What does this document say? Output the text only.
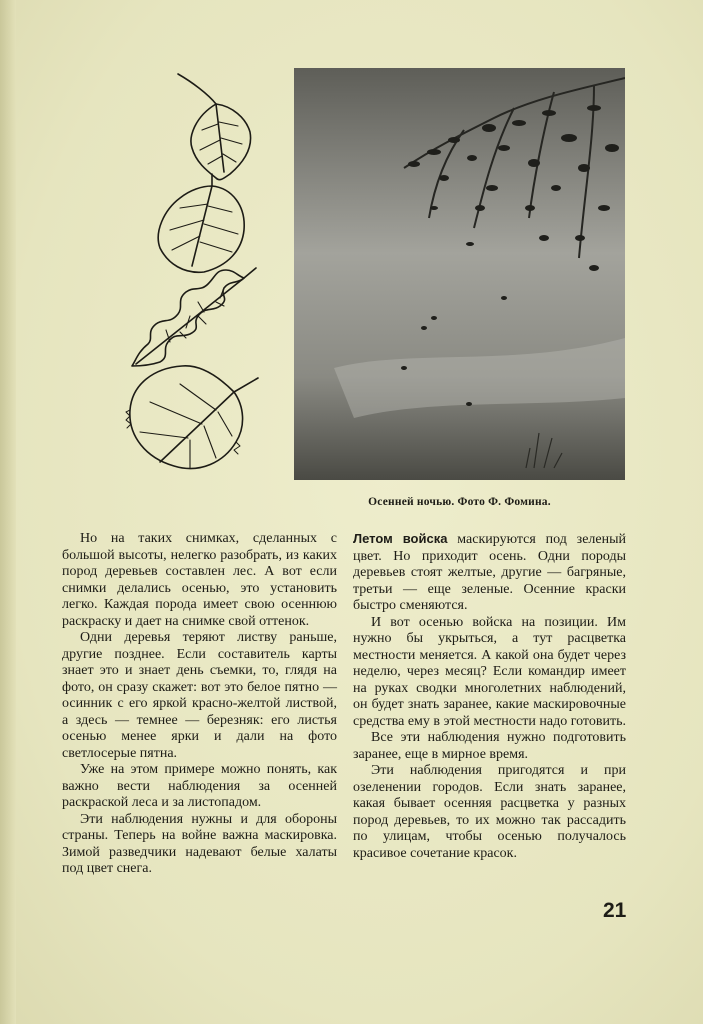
Осенней ночью. Фото Ф. Фомина.

Но на таких снимках, сделанных с большой высоты, нелегко разобрать, из каких пород деревьев составлен лес. А вот если снимки делались осенью, это установить легко. Каждая порода имеет свою осеннюю раскраску и дает на снимке свой оттенок.

Одни деревья теряют листву раньше, другие позднее. Если составитель карты знает это и знает день съемки, то, глядя на фото, он сразу скажет: вот это белое пятно — осинник с его яркой красно-желтой листвой, а здесь — темнее — березняк: его листья осенью менее ярки и дали на фото светлосерые пятна.

Уже на этом примере можно понять, как важно вести наблюдения за осенней раскраской леса и за листопадом.

Эти наблюдения нужны и для обороны страны. Теперь на войне важна маскировка. Зимой разведчики надевают белые халаты под цвет снега.

Летом войска маскируются под зеленый цвет. Но приходит осень. Одни породы деревьев стоят желтые, другие — багряные, третьи — еще зеленые. Осенние краски быстро сменяются.

И вот осенью войска на позиции. Им нужно бы укрыться, а тут расцветка местности меняется. А какой она будет через неделю, через месяц? Если командир имеет на руках сводки многолетних наблюдений, он будет знать заранее, какие маскировочные средства ему в этой местности надо готовить.

Все эти наблюдения нужно подготовить заранее, еще в мирное время.

Эти наблюдения пригодятся и при озеленении городов. Если знать заранее, какая бывает осенняя расцветка у разных пород деревьев, то их можно так рассадить по улицам, чтобы осенью получалось красивое сочетание красок.

21
